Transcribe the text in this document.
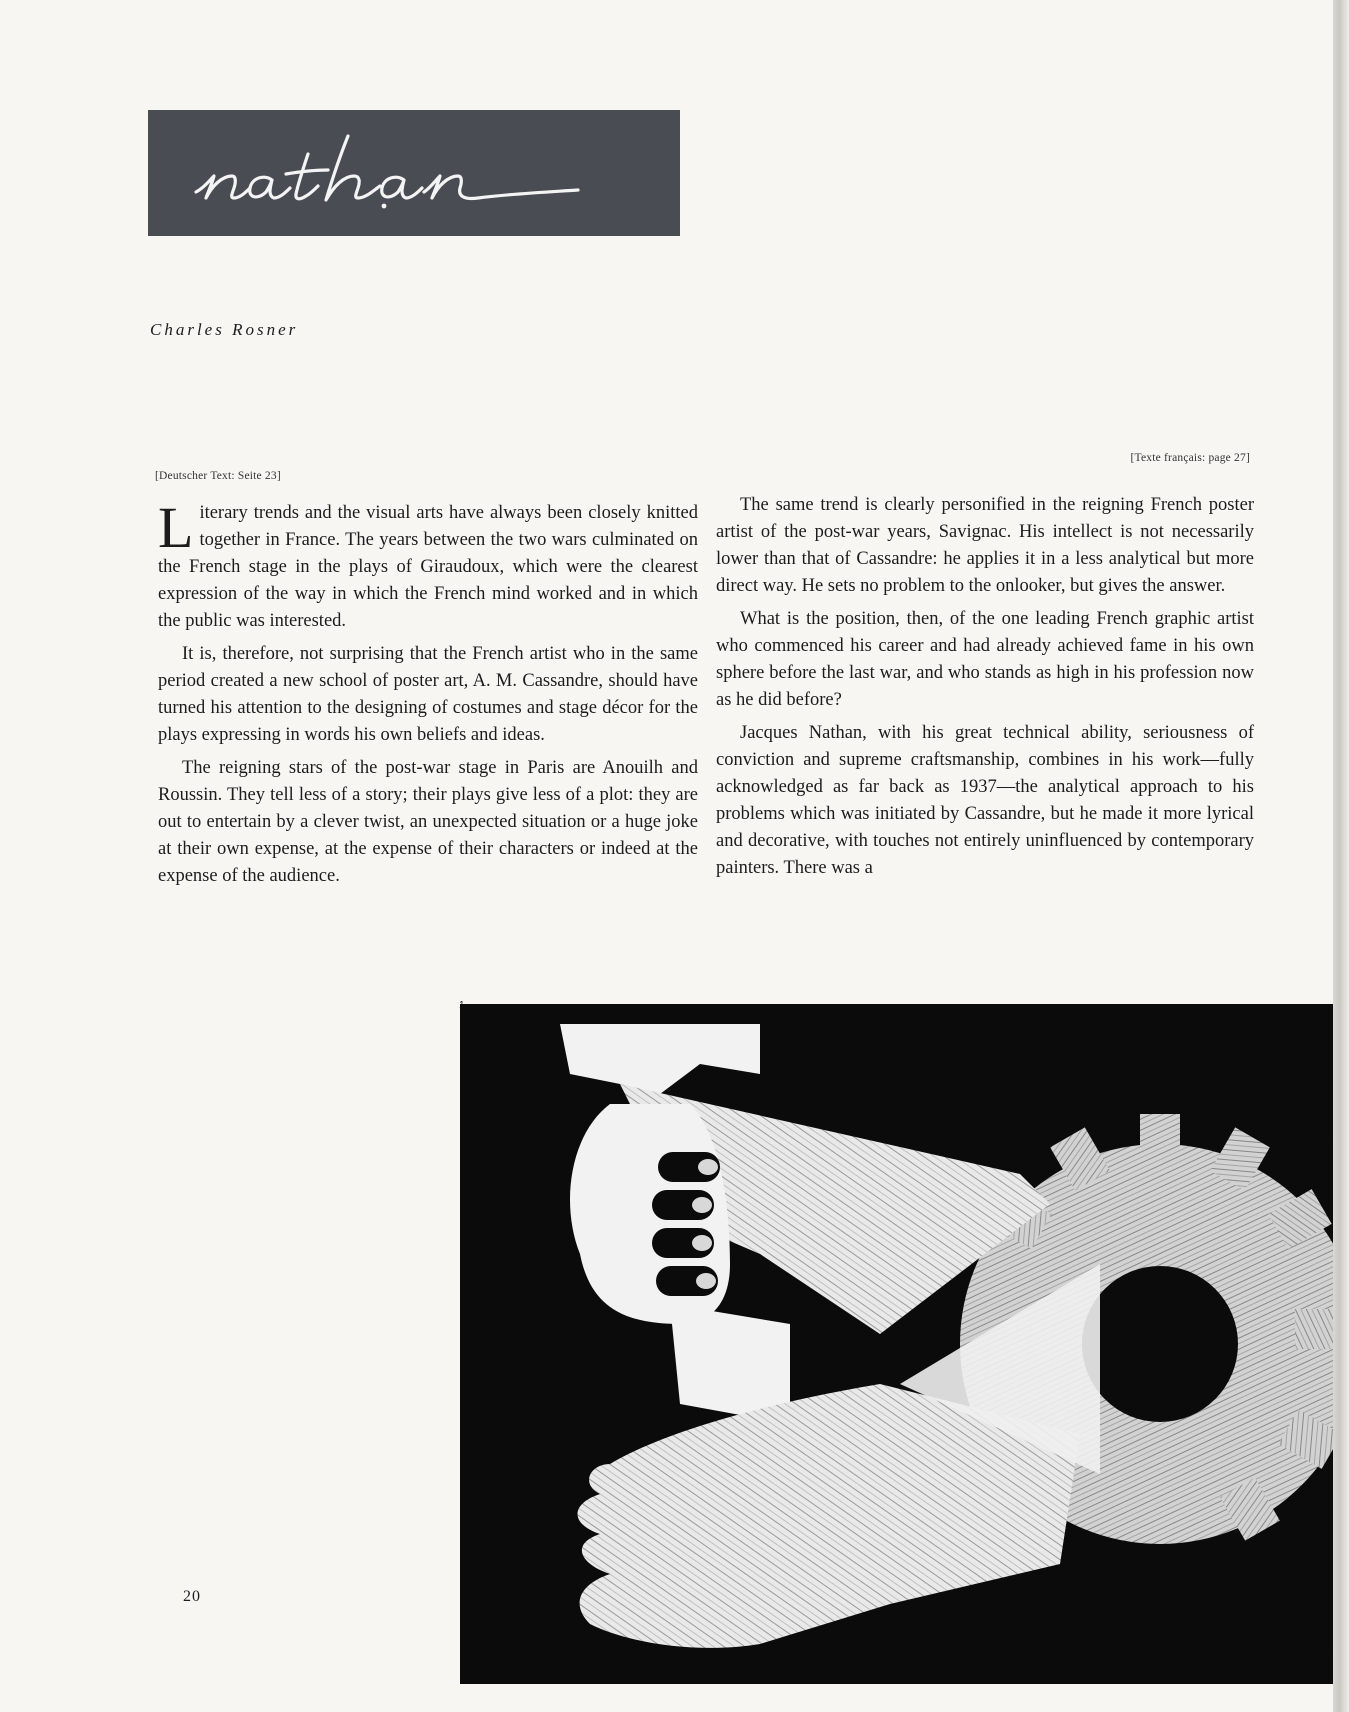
Charles Rosner
[Deutscher Text: Seite 23]
[Texte français: page 27]

Literary trends and the visual arts have always been closely knitted together in France. The years between the two wars culminated on the French stage in the plays of Giraudoux, which were the clearest expression of the way in which the French mind worked and in which the public was interested.

It is, therefore, not surprising that the French artist who in the same period created a new school of poster art, A. M. Cassandre, should have turned his attention to the designing of costumes and stage décor for the plays expressing in words his own beliefs and ideas.

The reigning stars of the post-war stage in Paris are Anouilh and Roussin. They tell less of a story; their plays give less of a plot: they are out to entertain by a clever twist, an unexpected situation or a huge joke at their own expense, at the expense of their characters or indeed at the expense of the audience.

The same trend is clearly personified in the reigning French poster artist of the post-war years, Savignac. His intellect is not necessarily lower than that of Cassandre: he applies it in a less analytical but more direct way. He sets no problem to the onlooker, but gives the answer.

What is the position, then, of the one leading French graphic artist who commenced his career and had already achieved fame in his own sphere before the last war, and who stands as high in his profession now as he did before?

Jacques Nathan, with his great technical ability, seriousness of conviction and supreme craftsmanship, combines in his work—fully acknowledged as far back as 1937—the analytical approach to his problems which was initiated by Cassandre, but he made it more lyrical and decorative, with touches not entirely uninfluenced by contemporary painters. There was a

20
